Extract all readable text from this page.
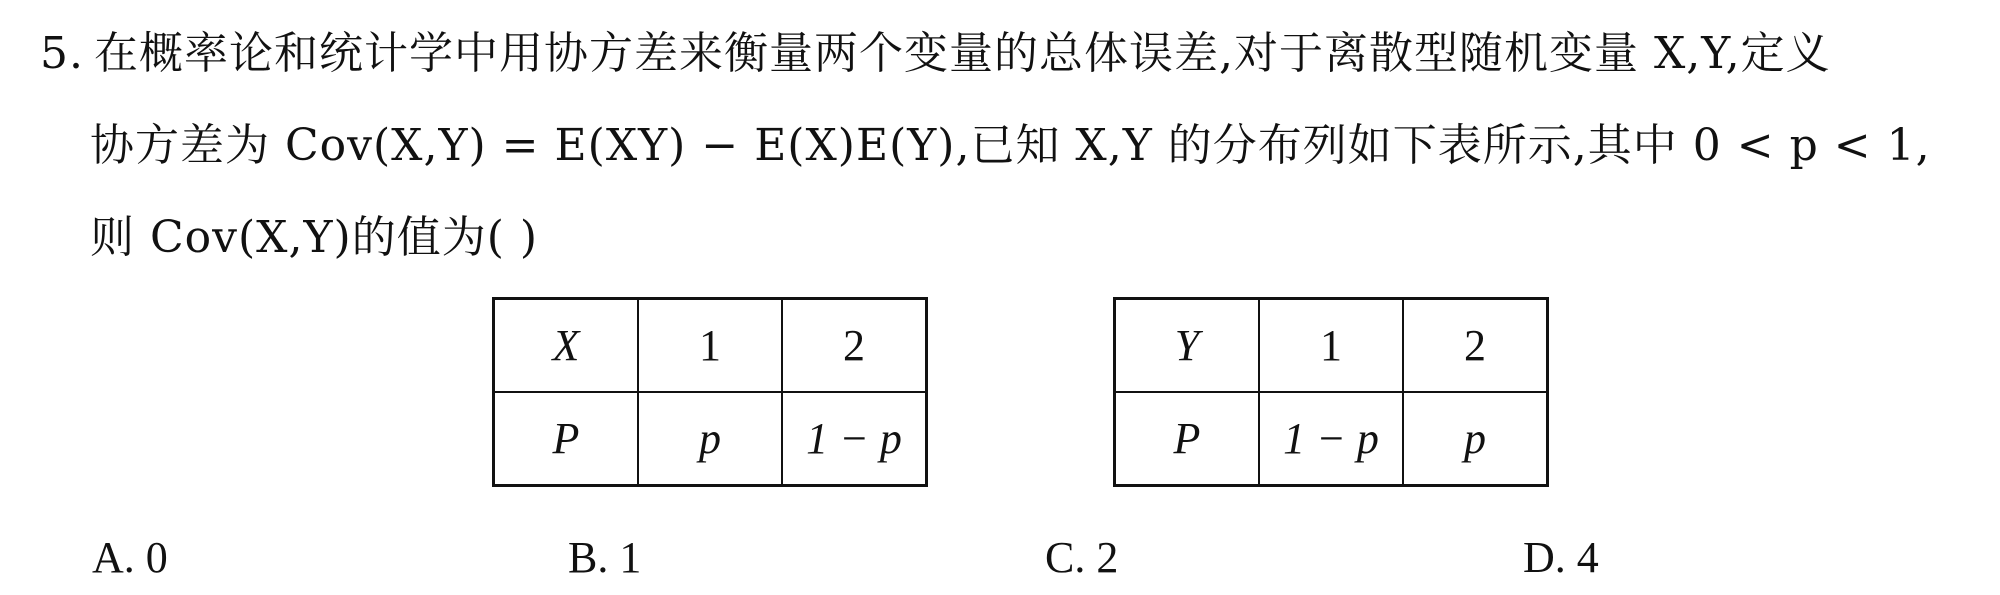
5. 在概率论和统计学中用协方差来衡量两个变量的总体误差,对于离散型随机变量 X,Y,定义
协方差为 Cov(X,Y) = E(XY) − E(X)E(Y),已知 X,Y 的分布列如下表所示,其中 0 < p < 1,
则 Cov(X,Y)的值为( )
X	1	2
P	p	1 − p
Y	1	2
P	1 − p	p
A. 0	B. 1	C. 2	D. 4
